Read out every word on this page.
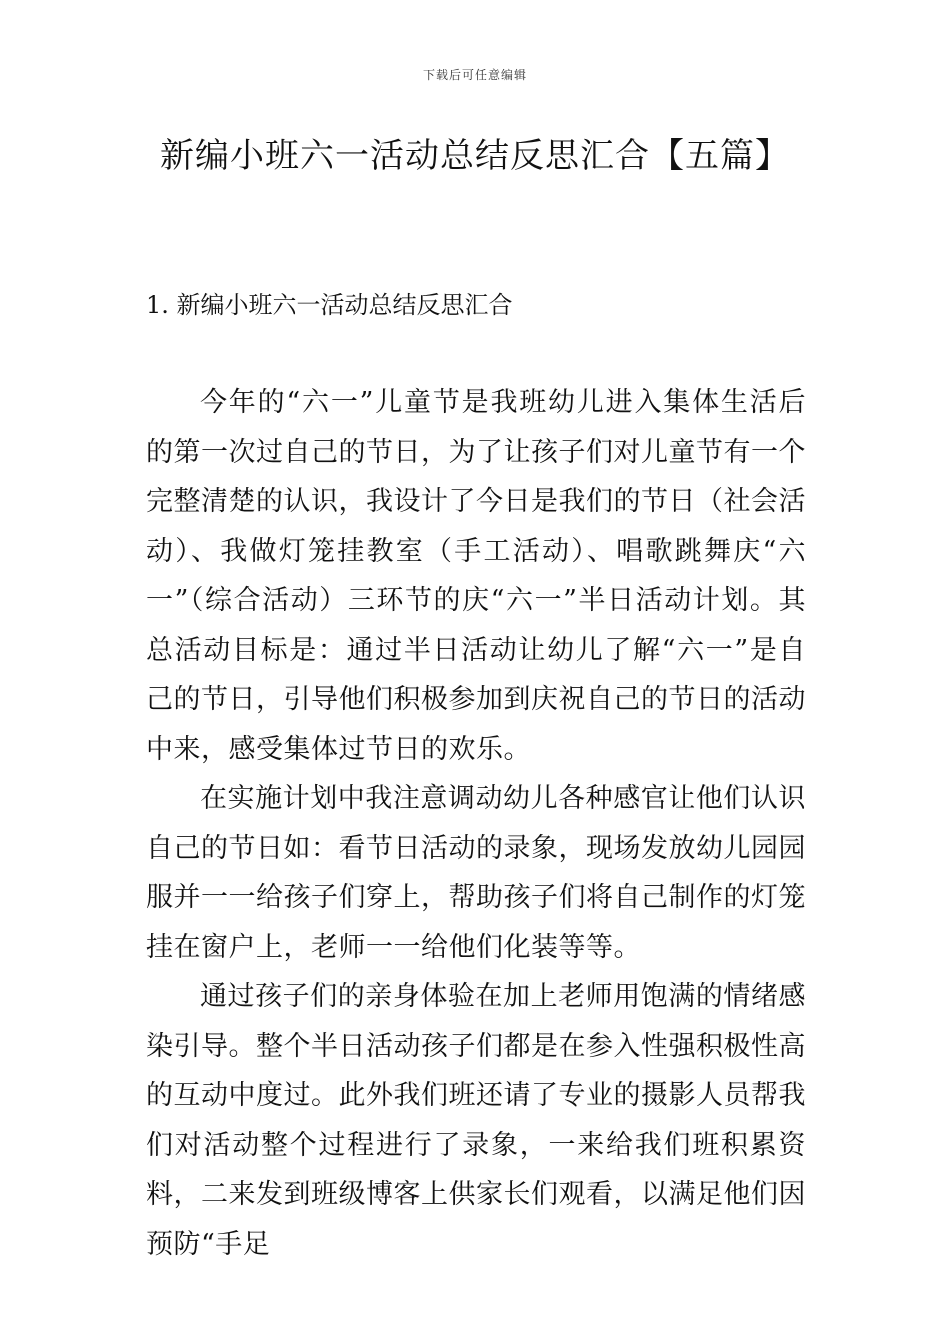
下载后可任意编辑
新编小班六一活动总结反思汇合【五篇】
1. 新编小班六一活动总结反思汇合

今年的“六一”儿童节是我班幼儿进入集体生活后的第一次过自己的节日，为了让孩子们对儿童节有一个完整清楚的认识，我设计了今日是我们的节日（社会活动）、我做灯笼挂教室（手工活动）、唱歌跳舞庆“六一”（综合活动）三环节的庆“六一”半日活动计划。其总活动目标是：通过半日活动让幼儿了解“六一”是自己的节日，引导他们积极参加到庆祝自己的节日的活动中来，感受集体过节日的欢乐。

在实施计划中我注意调动幼儿各种感官让他们认识自己的节日如：看节日活动的录象，现场发放幼儿园园服并一一给孩子们穿上，帮助孩子们将自己制作的灯笼挂在窗户上，老师一一给他们化装等等。

通过孩子们的亲身体验在加上老师用饱满的情绪感染引导。整个半日活动孩子们都是在参入性强积极性高的互动中度过。此外我们班还请了专业的摄影人员帮我们对活动整个过程进行了录象，一来给我们班积累资料，二来发到班级博客上供家长们观看，以满足他们因预防“手足
